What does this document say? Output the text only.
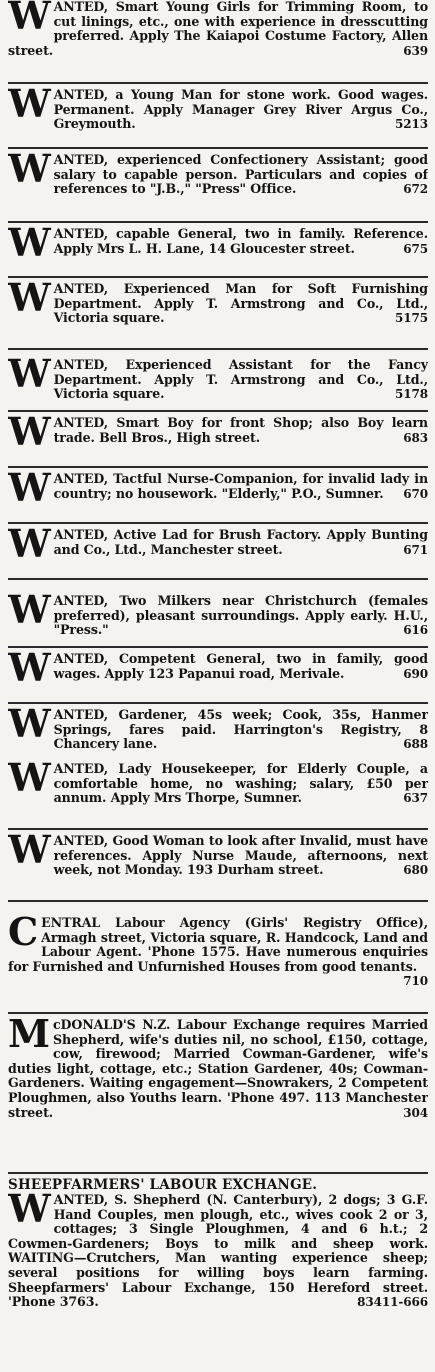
WANTED, Smart Young Girls for Trimming Room, to cut linings, etc., one with experience in dresscutting preferred. Apply The Kaiapoi Costume Factory, Allen street.	639

WANTED, a Young Man for stone work. Good wages. Permanent. Apply Manager Grey River Argus Co., Greymouth.	5213

WANTED, experienced Confectionery Assistant; good salary to capable person. Particulars and copies of references to "J.B.," "Press" Office.	672

WANTED, capable General, two in family. Reference. Apply Mrs L. H. Lane, 14 Gloucester street.	675

WANTED, Experienced Man for Soft Furnishing Department. Apply T. Armstrong and Co., Ltd., Victoria square.	5175

WANTED, Experienced Assistant for the Fancy Department. Apply T. Armstrong and Co., Ltd., Victoria square.	5178

WANTED, Smart Boy for front Shop; also Boy learn trade. Bell Bros., High street.	683

WANTED, Tactful Nurse-Companion, for invalid lady in country; no housework. "Elderly," P.O., Sumner. 670

WANTED, Active Lad for Brush Factory. Apply Bunting and Co., Ltd., Manchester street.	671

WANTED, Two Milkers near Christchurch (females preferred), pleasant surroundings. Apply early. H.U., "Press."	616

WANTED, Competent General, two in family, good wages. Apply 123 Papanui road, Merivale.	690

WANTED, Gardener, 45s week; Cook, 35s, Hanmer Springs, fares paid. Harrington's Registry, 8 Chancery lane.	688

WANTED, Lady Housekeeper, for Elderly Couple, a comfortable home, no washing; salary, £50 per annum. Apply Mrs Thorpe, Sumner.	637

WANTED, Good Woman to look after Invalid, must have references. Apply Nurse Maude, afternoons, next week, not Monday. 193 Durham street.	680

CENTRAL Labour Agency (Girls' Registry Office), Armagh street, Victoria square, R. Handcock, Land and Labour Agent. 'Phone 1575. Have numerous enquiries for Furnished and Unfurnished Houses from good tenants.
710

McDONALD'S N.Z. Labour Exchange requires Married Shepherd, wife's duties nil, no school, £150, cottage, cow, firewood; Married Cowman-Gardener, wife's duties light, cottage, etc.; Station Gardener, 40s; Cowman-Gardeners. Waiting engagement—Snowrakers, 2 Competent Ploughmen, also Youths learn. 'Phone 497. 113 Manchester street.	304

SHEEPFARMERS' LABOUR EXCHANGE.

WANTED, S. Shepherd (N. Canterbury), 2 dogs; 3 G.F. Hand Couples, men plough, etc., wives cook 2 or 3, cottages; 3 Single Ploughmen, 4 and 6 h.t.; 2 Cowmen-Gardeners; Boys to milk and sheep work. WAITING—Crutchers, Man wanting experience sheep; several positions for willing boys learn farming. Sheepfarmers' Labour Exchange, 150 Hereford street. 'Phone 3763.	83411-666
